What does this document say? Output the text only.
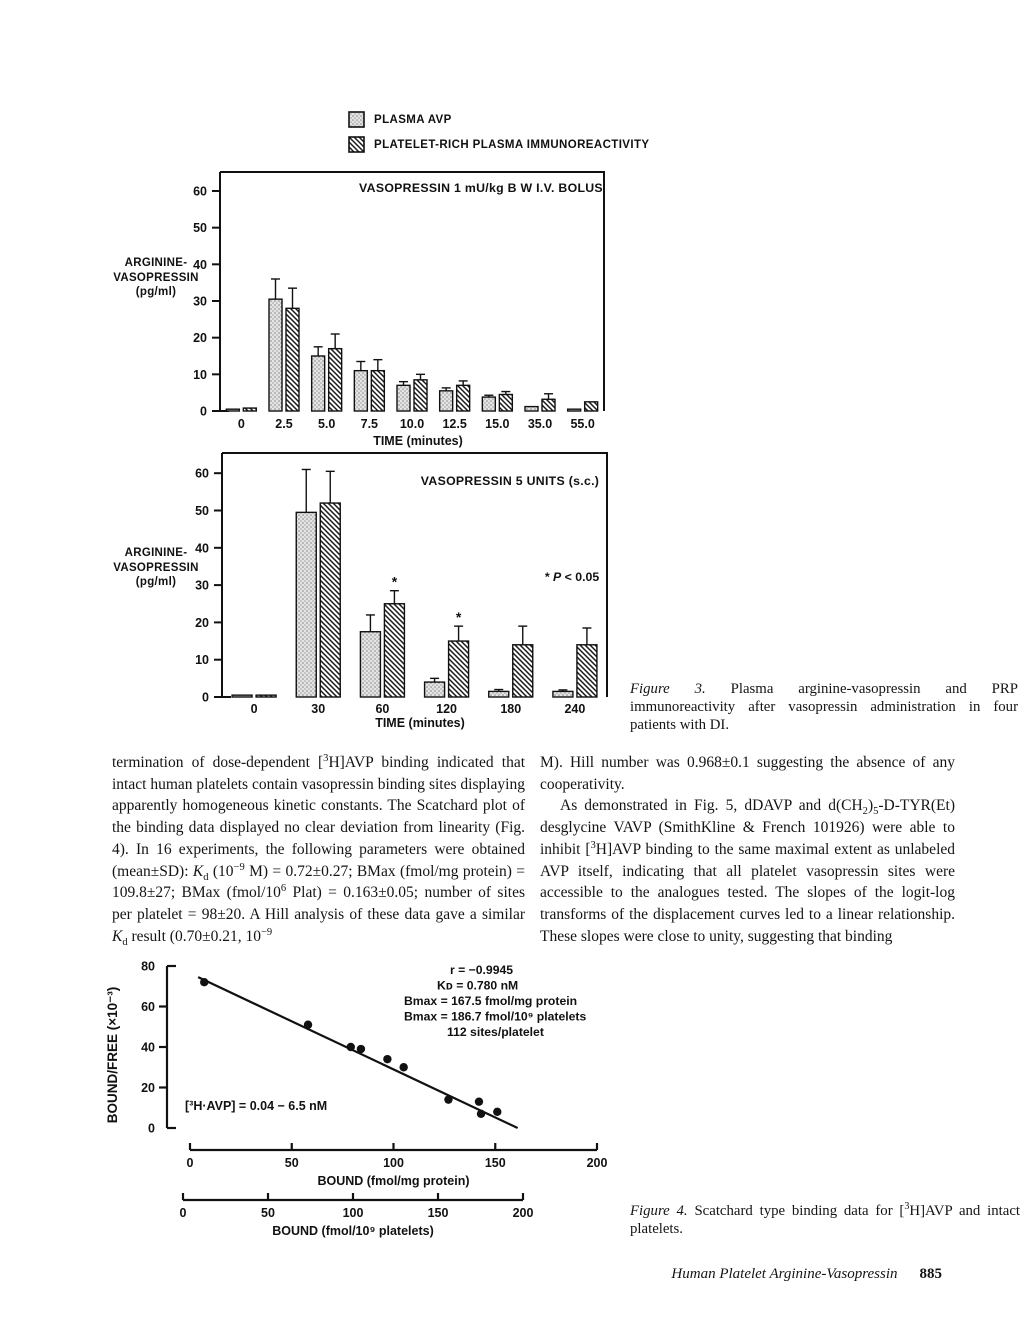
PLASMA AVP
PLATELET-RICH PLASMA IMMUNOREACTIVITY
ARGININE-
VASOPRESSIN
(pg/ml)
0
10
20
30
40
50
60
0 2.5 5.0 7.5 10.0 12.5 15.0 35.0 55.0
VASOPRESSIN 1 mU/kg B W I.V. BOLUS
TIME (minutes)
ARGININE-
VASOPRESSIN
(pg/ml)
0
10
20
30
40
50
60
0	30	60	120	180	240
*
*
VASOPRESSIN 5 UNITS (s.c.)
TIME (minutes)
* P < 0.05
Figure 3. Plasma arginine-vasopressin and PRP immunoreactivity after vasopressin administration in four patients with DI.

termination of dose-dependent [$^3$H]AVP binding indicated that intact human platelets contain vasopressin binding sites displaying apparently homogeneous kinetic constants. The Scatchard plot of the binding data displayed no clear deviation from linearity (Fig. 4). In 16 experiments, the following parameters were obtained (mean±SD): $K_d$ ($10^{-9}$ M) = 0.72±0.27; BMax (fmol/mg protein) = 109.8±27; BMax ($fmol/10^6$ Plat) = 0.163±0.05; number of sites per platelet = 98±20. A Hill analysis of these data gave a similar $K_d$ result (0.70±0.21, $10^{-9}$

M). Hill number was 0.968±0.1 suggesting the absence of any cooperativity.

As demonstrated in Fig. 5, dDAVP and $d(CH_2)_5-D-TYR(Et)$ desglycine VAVP (SmithKline & French 101926) were able to inhibit [$^3$H]AVP binding to the same maximal extent as unlabeled AVP itself, indicating that all platelet vasopressin sites were accessible to the analogues tested. The slopes of the logit-log transforms of the displacement curves led to a linear relationship. These slopes were close to unity, suggesting that binding

0
20
40
60
80
0	50	100	150	200
BOUND (fmol/mg protein)
0	50	100	150	200
BOUND (fmol/10⁹ platelets)
BOUND/FREE (×10⁻³)
r = −0.9945
Kᴅ = 0.780 nM
Bmax = 167.5 fmol/mg protein
Bmax = 186.7 fmol/10⁹ platelets
112 sites/platelet
[³H·AVP] = 0.04 − 6.5 nM
Figure 4. Scatchard type binding data for [$^3$H]AVP and intact platelets.
Human Platelet Arginine-Vasopressin 885
